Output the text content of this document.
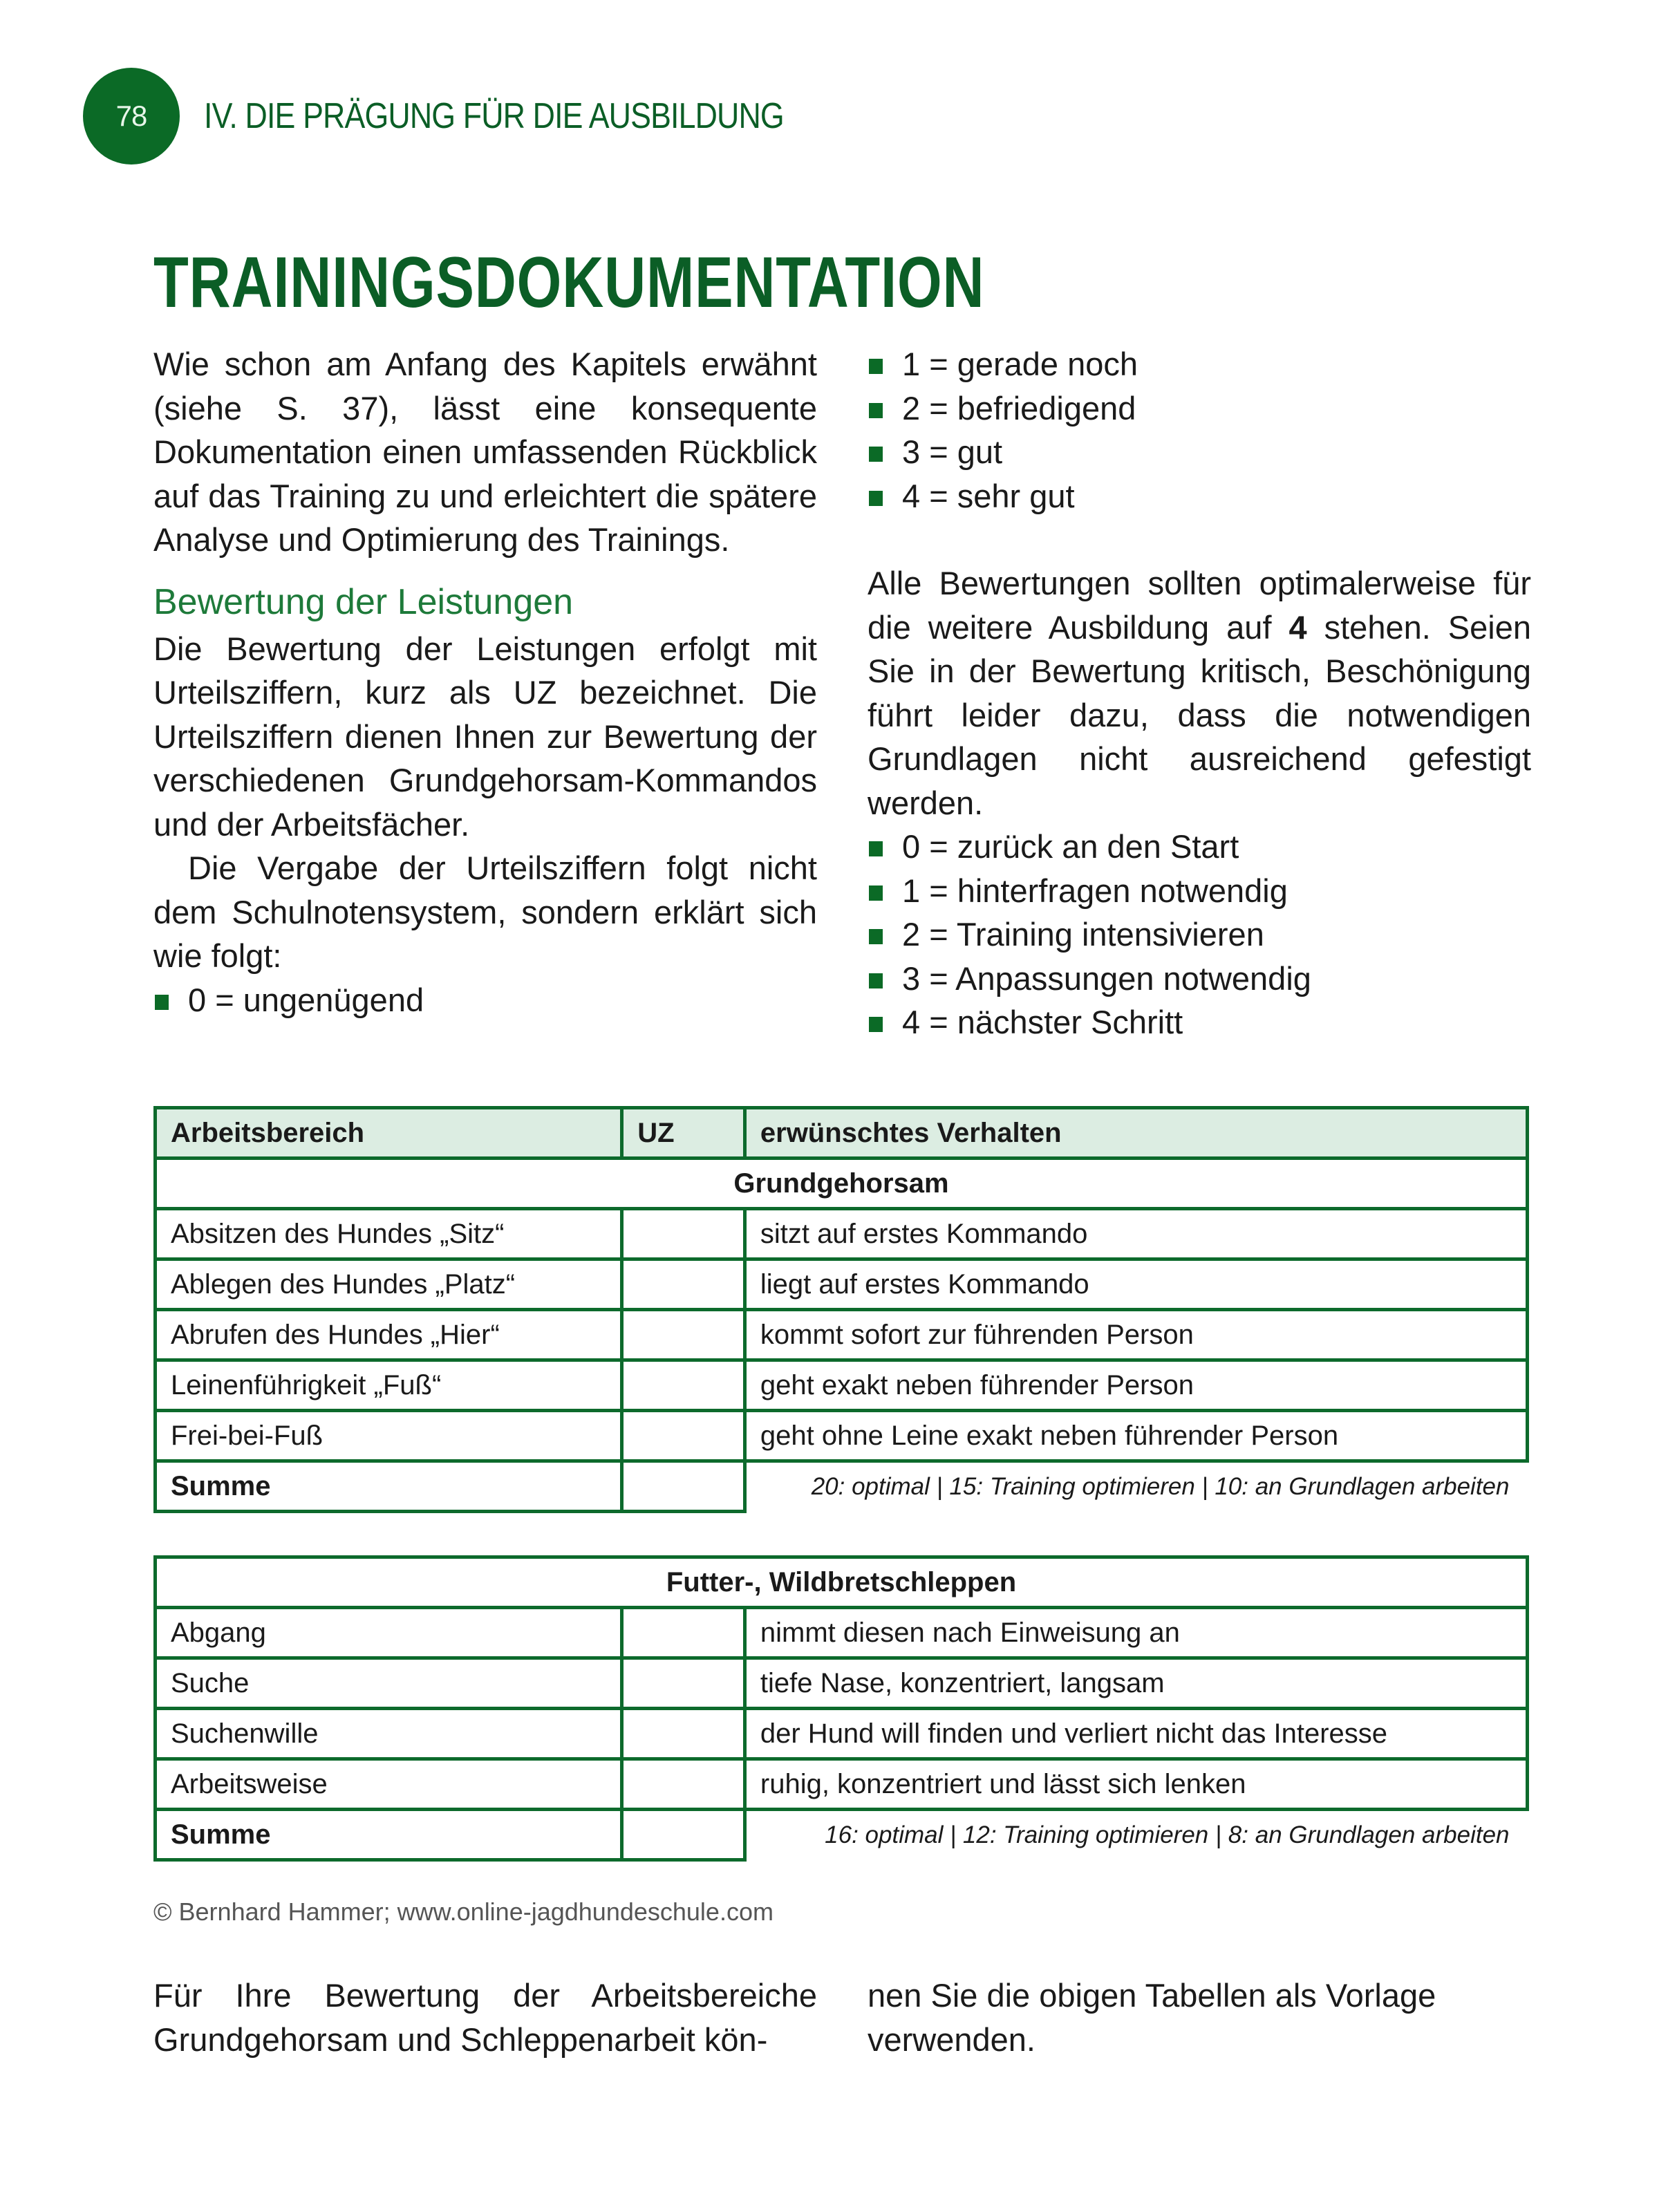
78 IV. DIE PRÄGUNG FÜR DIE AUSBILDUNG
TRAININGSDOKUMENTATION

Wie schon am Anfang des Kapitels erwähnt (siehe S. 37), lässt eine konsequente Dokumentation einen umfassenden Rückblick auf das Training zu und erleichtert die spätere Analyse und Optimierung des Trainings.

Bewertung der Leistungen

Die Bewertung der Leistungen erfolgt mit Urteilsziffern, kurz als UZ bezeichnet. Die Urteilsziffern dienen Ihnen zur Bewertung der verschiedenen Grundgehorsam-Kommandos und der Arbeitsfächer.

Die Vergabe der Urteilsziffern folgt nicht dem Schulnotensystem, sondern erklärt sich wie folgt:

0 = ungenügend
1 = gerade noch
2 = befriedigend
3 = gut
4 = sehr gut

Alle Bewertungen sollten optimalerweise für die weitere Ausbildung auf 4 stehen. Seien Sie in der Bewertung kritisch, Beschönigung führt leider dazu, dass die notwendigen Grundlagen nicht ausreichend gefestigt werden.

0 = zurück an den Start
1 = hinterfragen notwendig
2 = Training intensivieren
3 = Anpassungen notwendig
4 = nächster Schritt
Arbeitsbereich	UZ	erwünschtes Verhalten
Grundgehorsam		
Absitzen des Hundes „Sitz“		sitzt auf erstes Kommando
Ablegen des Hundes „Platz“		liegt auf erstes Kommando
Abrufen des Hundes „Hier“		kommt sofort zur führenden Person
Leinenführigkeit „Fuß“		geht exakt neben führender Person
Frei-bei-Fuß		geht ohne Leine exakt neben führender Person
Summe		20: optimal | 15: Training optimieren | 10: an Grundlagen arbeiten
Futter-, Wildbretschleppen		
Abgang		nimmt diesen nach Einweisung an
Suche		tiefe Nase, konzentriert, langsam
Suchenwille		der Hund will finden und verliert nicht das Interesse
Arbeitsweise		ruhig, konzentriert und lässt sich lenken
Summe		16: optimal | 12: Training optimieren | 8: an Grundlagen arbeiten
© Bernhard Hammer; www.online-jagdhundeschule.com

Für Ihre Bewertung der Arbeitsbereiche Grundgehorsam und Schleppenarbeit kön-

nen Sie die obigen Tabellen als Vorlage verwenden.
